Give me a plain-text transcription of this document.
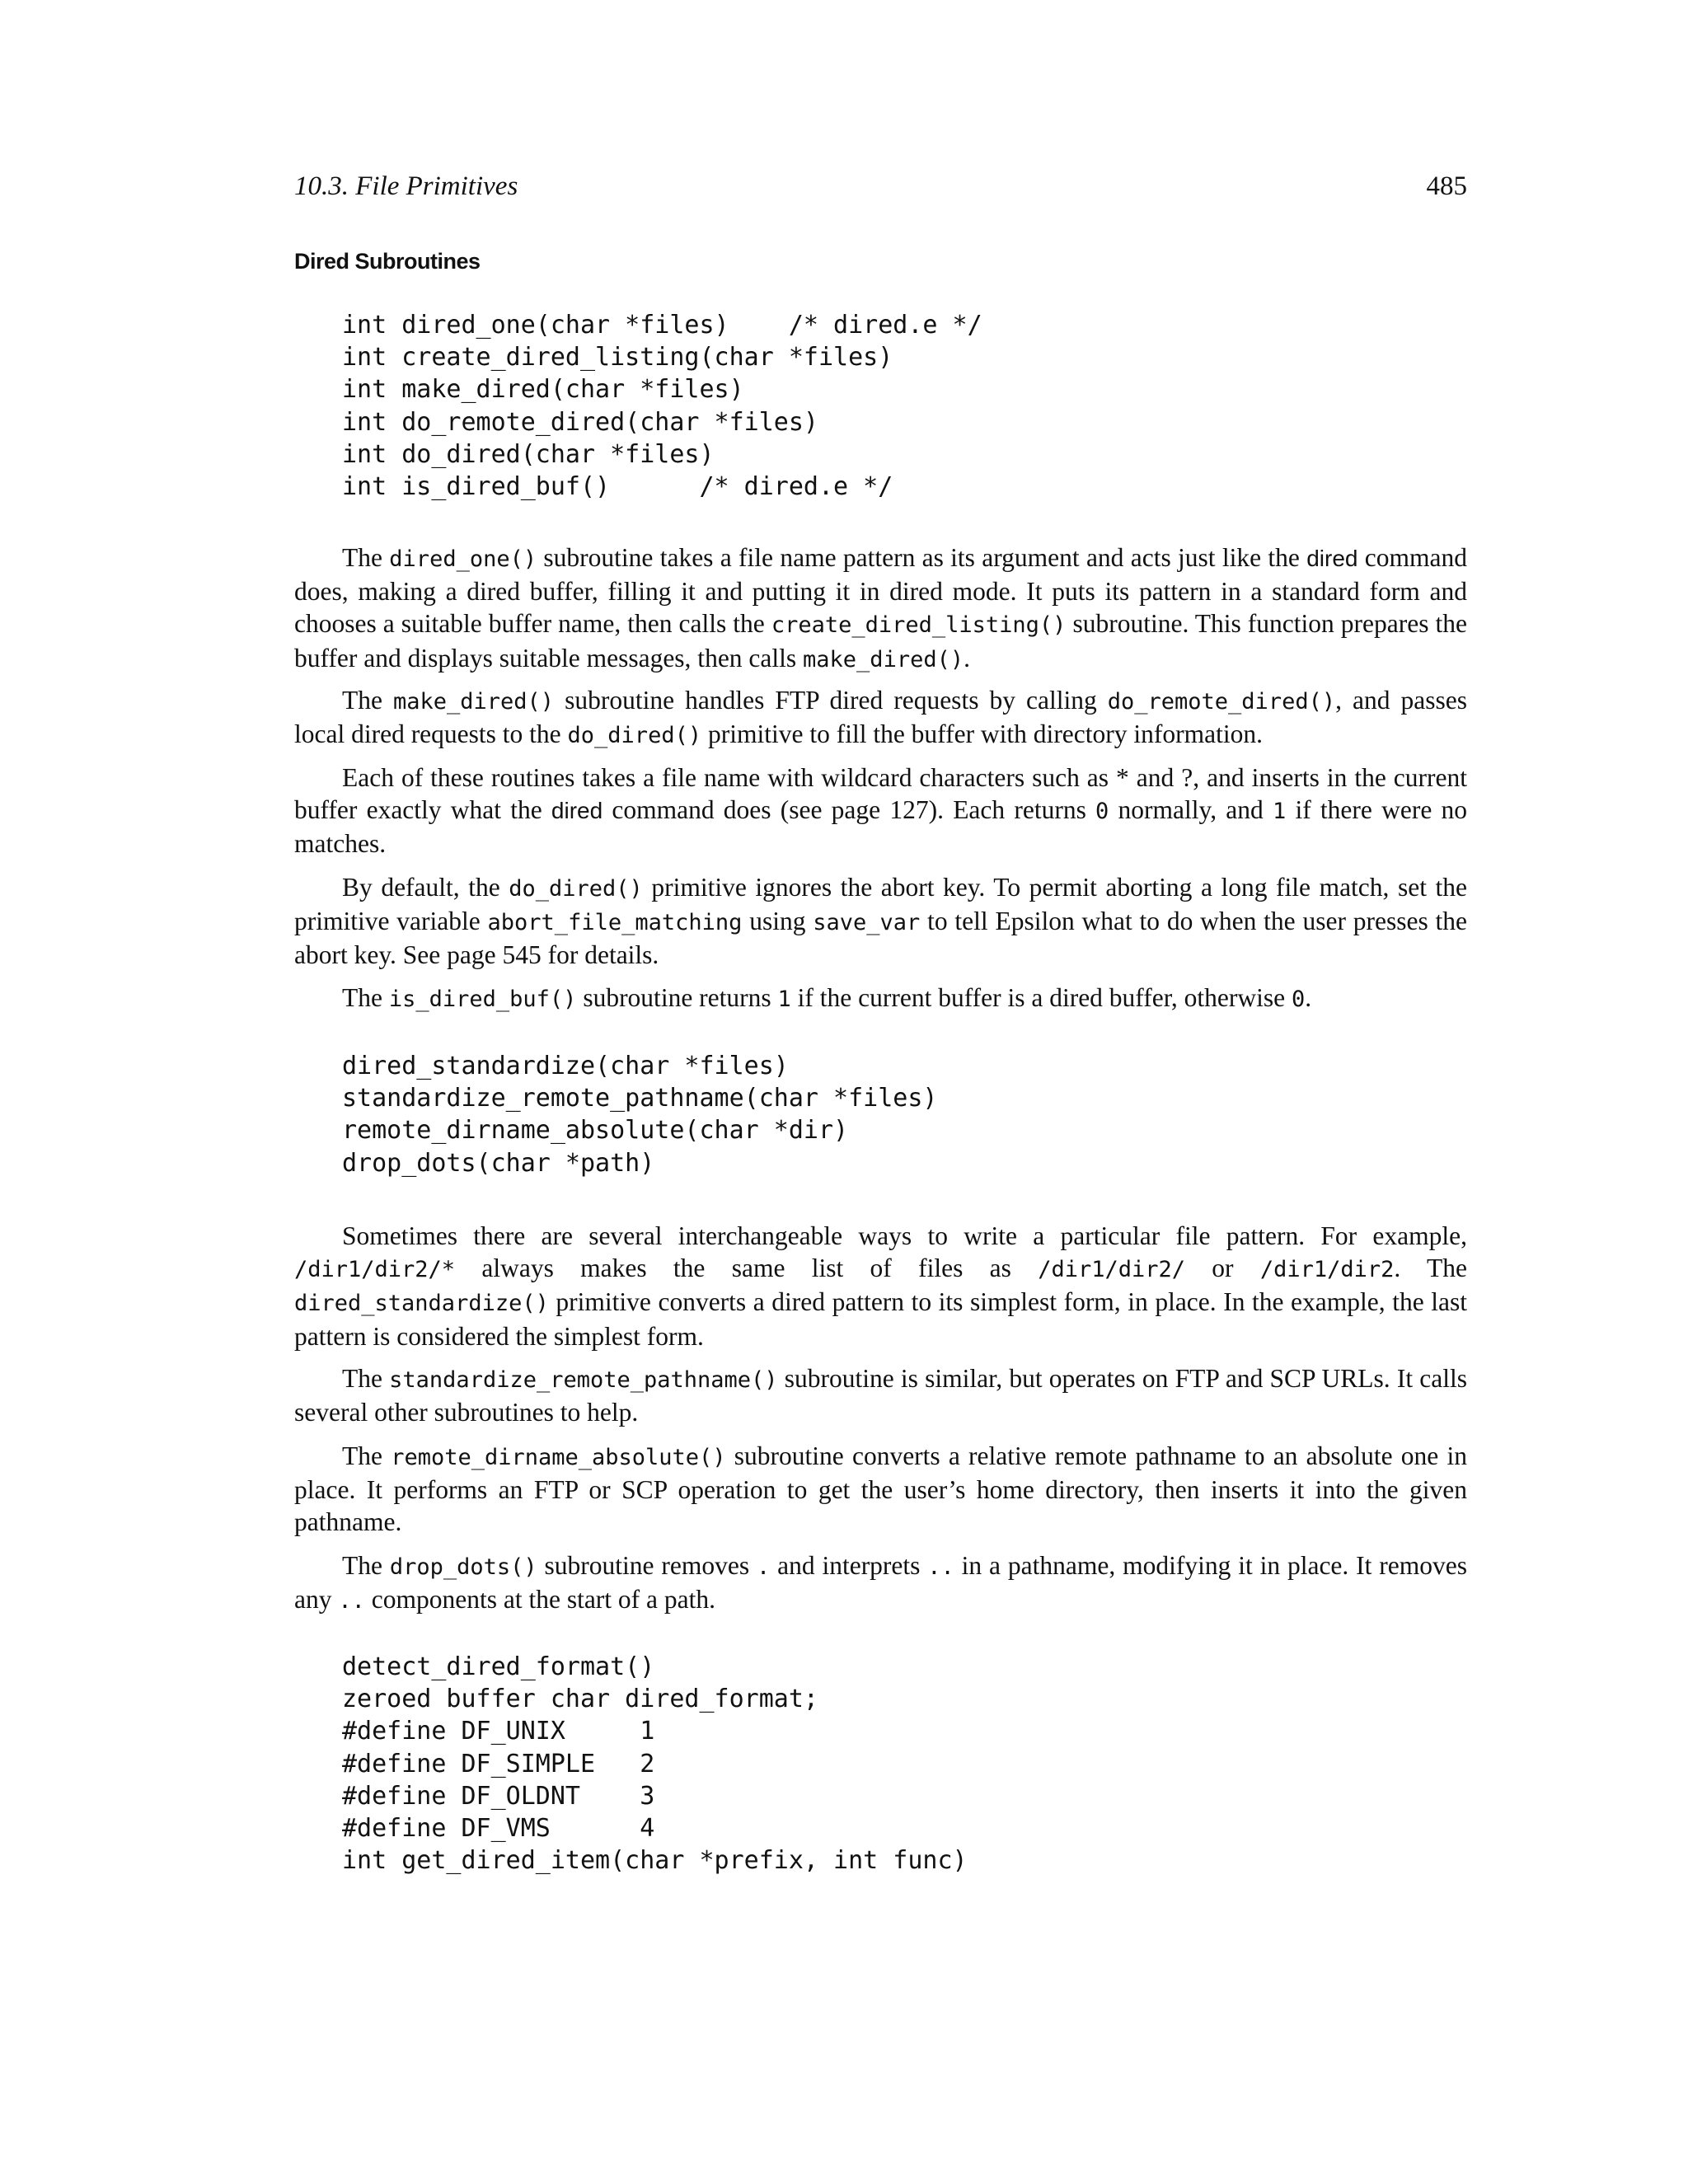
10.3. File Primitives	485
Dired Subroutines
int dired_one(char *files)    /* dired.e */
int create_dired_listing(char *files)
int make_dired(char *files)
int do_remote_dired(char *files)
int do_dired(char *files)
int is_dired_buf()      /* dired.e */

The dired_one() subroutine takes a file name pattern as its argument and acts just like the dired command does, making a dired buffer, filling it and putting it in dired mode. It puts its pattern in a standard form and chooses a suitable buffer name, then calls the create_dired_listing() subroutine. This function prepares the buffer and displays suitable messages, then calls make_dired().

The make_dired() subroutine handles FTP dired requests by calling do_remote_dired(), and passes local dired requests to the do_dired() primitive to fill the buffer with directory information.

Each of these routines takes a file name with wildcard characters such as * and ?, and inserts in the current buffer exactly what the dired command does (see page 127). Each returns 0 normally, and 1 if there were no matches.

By default, the do_dired() primitive ignores the abort key. To permit aborting a long file match, set the primitive variable abort_file_matching using save_var to tell Epsilon what to do when the user presses the abort key. See page 545 for details.

The is_dired_buf() subroutine returns 1 if the current buffer is a dired buffer, otherwise 0.

dired_standardize(char *files)
standardize_remote_pathname(char *files)
remote_dirname_absolute(char *dir)
drop_dots(char *path)

Sometimes there are several interchangeable ways to write a particular file pattern. For example, /dir1/dir2/* always makes the same list of files as /dir1/dir2/ or /dir1/dir2. The dired_standardize() primitive converts a dired pattern to its simplest form, in place. In the example, the last pattern is considered the simplest form.

The standardize_remote_pathname() subroutine is similar, but operates on FTP and SCP URLs. It calls several other subroutines to help.

The remote_dirname_absolute() subroutine converts a relative remote pathname to an absolute one in place. It performs an FTP or SCP operation to get the user’s home directory, then inserts it into the given pathname.

The drop_dots() subroutine removes . and interprets .. in a pathname, modifying it in place. It removes any .. components at the start of a path.

detect_dired_format()
zeroed buffer char dired_format;
#define DF_UNIX     1
#define DF_SIMPLE   2
#define DF_OLDNT    3
#define DF_VMS      4
int get_dired_item(char *prefix, int func)
